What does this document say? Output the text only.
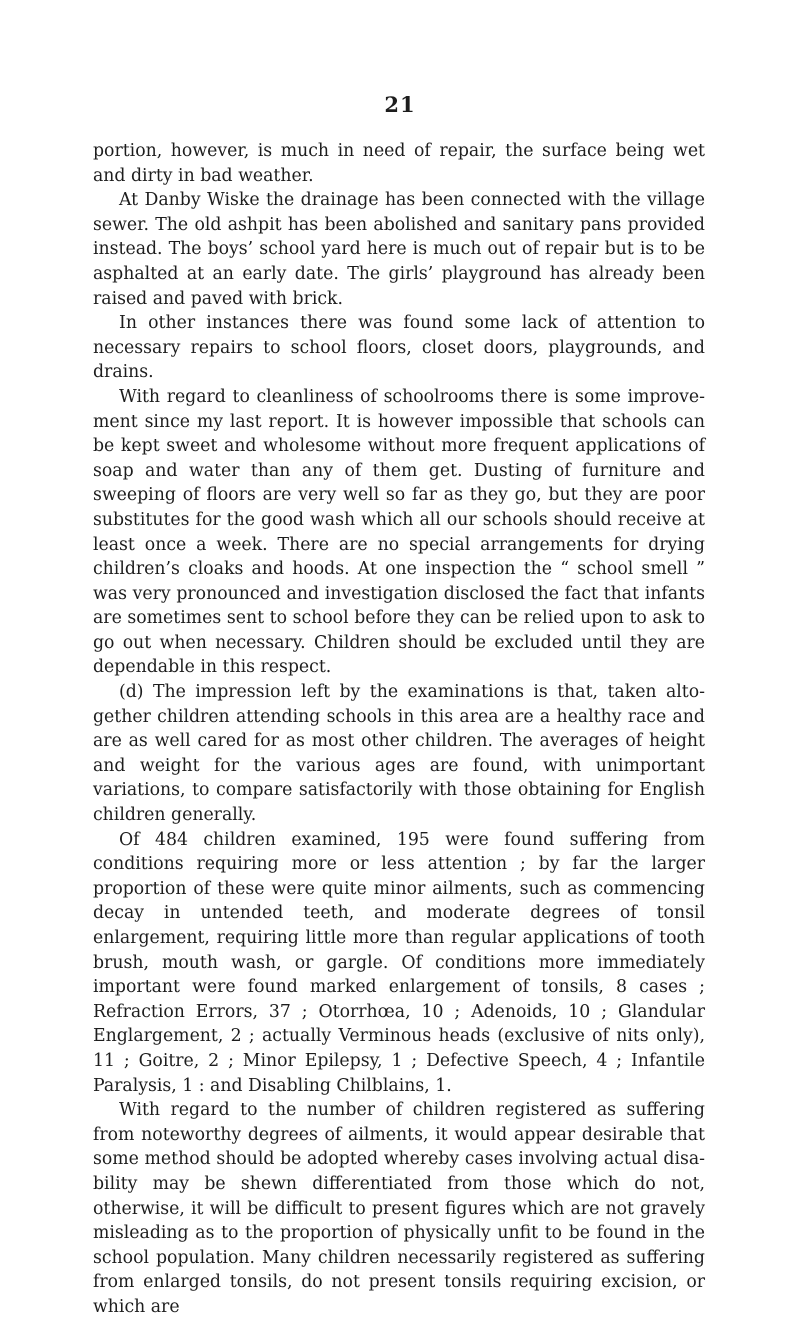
21

portion, however, is much in need of repair, the surface being wet and dirty in bad weather.

At Danby Wiske the drainage has been connected with the village sewer. The old ashpit has been abolished and sanitary pans provided instead. The boys’ school yard here is much out of repair but is to be asphalted at an early date. The girls’ playground has already been raised and paved with brick.

In other instances there was found some lack of attention to necessary repairs to school floors, closet doors, playgrounds, and drains.

With regard to cleanliness of schoolrooms there is some improvement since my last report. It is however impossible that schools can be kept sweet and wholesome without more frequent applications of soap and water than any of them get. Dusting of furniture and sweeping of floors are very well so far as they go, but they are poor substitutes for the good wash which all our schools should receive at least once a week. There are no special arrangements for drying children’s cloaks and hoods. At one inspection the “ school smell ” was very pronounced and investigation disclosed the fact that infants are sometimes sent to school before they can be relied upon to ask to go out when necessary. Children should be excluded until they are dependable in this respect.

(d) The impression left by the examinations is that, taken altogether children attending schools in this area are a healthy race and are as well cared for as most other children. The averages of height and weight for the various ages are found, with unimportant variations, to compare satisfactorily with those obtaining for English children generally.

Of 484 children examined, 195 were found suffering from conditions requiring more or less attention ; by far the larger proportion of these were quite minor ailments, such as commencing decay in untended teeth, and moderate degrees of tonsil enlargement, requiring little more than regular applications of tooth brush, mouth wash, or gargle. Of conditions more immediately important were found marked enlargement of tonsils, 8 cases ; Refraction Errors, 37 ; Otorrhœa, 10 ; Adenoids, 10 ; Glandular Englargement, 2 ; actually Verminous heads (exclusive of nits only), 11 ; Goitre, 2 ; Minor Epilepsy, 1 ; Defective Speech, 4 ; Infantile Paralysis, 1 : and Disabling Chilblains, 1.

With regard to the number of children registered as suffering from noteworthy degrees of ailments, it would appear desirable that some method should be adopted whereby cases involving actual disability may be shewn differentiated from those which do not, otherwise, it will be difficult to present figures which are not gravely misleading as to the proportion of physically unfit to be found in the school population. Many children necessarily registered as suffering from enlarged tonsils, do not present tonsils requiring excision, or which are
